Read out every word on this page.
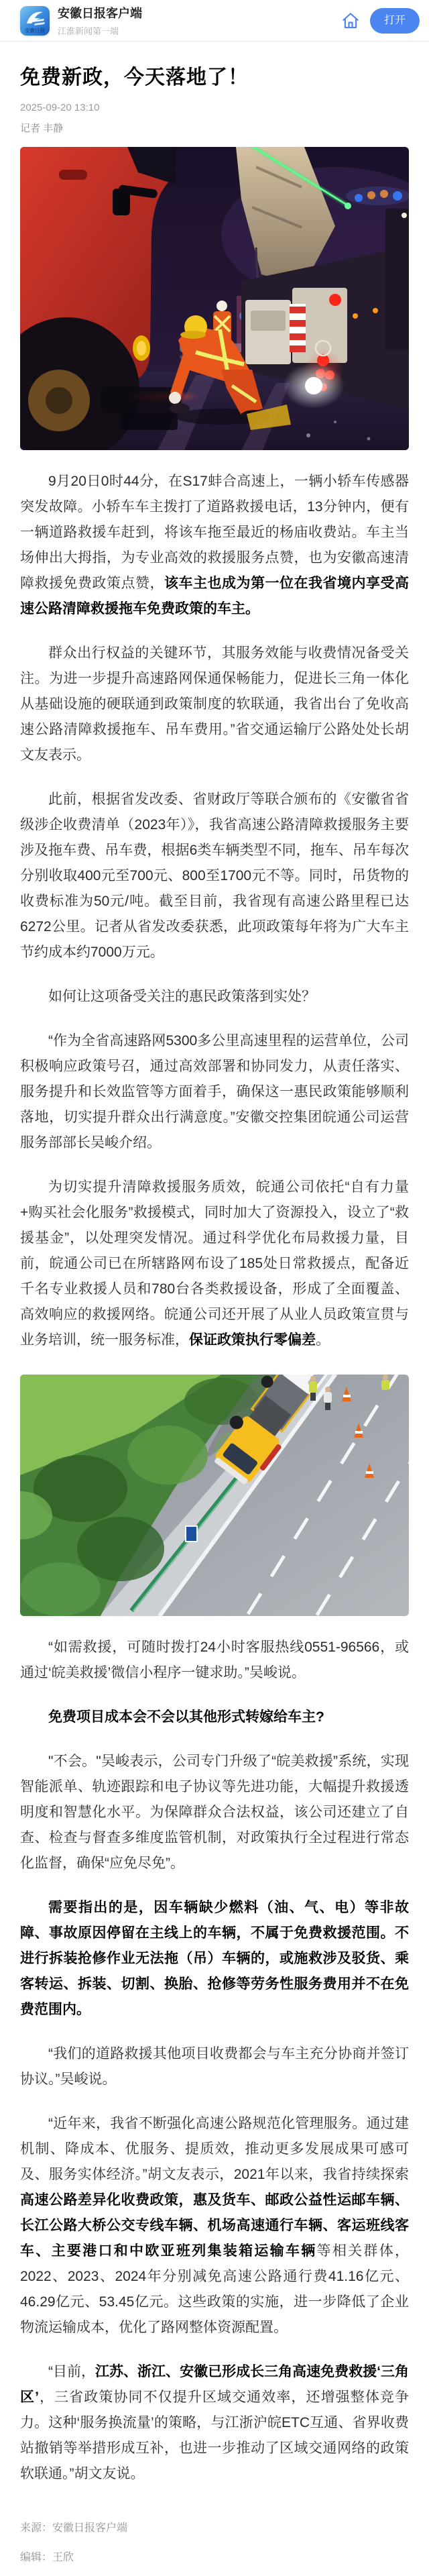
安徽日报
安徽日报客户端
江淮新闻第一端
打开
免费新政，今天落地了！
2025-09-20 13:10
记者 丰静

9月20日0时44分，在S17蚌合高速上，一辆小轿车传感器突发故障。小轿车车主拨打了道路救援电话，13分钟内，便有一辆道路救援车赶到，将该车拖至最近的杨庙收费站。车主当场伸出大拇指，为专业高效的救援服务点赞，也为安徽高速清障救援免费政策点赞，该车主也成为第一位在我省境内享受高速公路清障救援拖车免费政策的车主。

群众出行权益的关键环节，其服务效能与收费情况备受关注。为进一步提升高速路网保通保畅能力，促进长三角一体化从基础设施的硬联通到政策制度的软联通，我省出台了免收高速公路清障救援拖车、吊车费用。”省交通运输厅公路处处长胡文友表示。

此前，根据省发改委、省财政厅等联合颁布的《安徽省省级涉企收费清单（2023年）》，我省高速公路清障救援服务主要涉及拖车费、吊车费，根据6类车辆类型不同，拖车、吊车每次分别收取400元至700元、800至1700元不等。同时，吊货物的收费标准为50元/吨。截至目前，我省现有高速公路里程已达6272公里。记者从省发改委获悉，此项政策每年将为广大车主节约成本约7000万元。

如何让这项备受关注的惠民政策落到实处？

“作为全省高速路网5300多公里高速里程的运营单位，公司积极响应政策号召，通过高效部署和协同发力，从责任落实、服务提升和长效监管等方面着手，确保这一惠民政策能够顺利落地，切实提升群众出行满意度。”安徽交控集团皖通公司运营服务部部长吴峻介绍。

为切实提升清障救援服务质效，皖通公司依托“自有力量+购买社会化服务”救援模式，同时加大了资源投入，设立了“救援基金”，以处理突发情况。通过科学优化布局救援力量，目前，皖通公司已在所辖路网布设了185处日常救援点，配备近千名专业救援人员和780台各类救援设备，形成了全面覆盖、高效响应的救援网络。皖通公司还开展了从业人员政策宣贯与业务培训，统一服务标准，保证政策执行零偏差。

“如需救援，可随时拨打24小时客服热线0551-96566，或通过‘皖美救援’微信小程序一键求助。”吴峻说。

免费项目成本会不会以其他形式转嫁给车主?

"不会。"吴峻表示，公司专门升级了“皖美救援”系统，实现智能派单、轨迹跟踪和电子协议等先进功能，大幅提升救援透明度和智慧化水平。为保障群众合法权益，该公司还建立了自查、检查与督查多维度监管机制，对政策执行全过程进行常态化监督，确保“应免尽免”。

需要指出的是，因车辆缺少燃料（油、气、电）等非故障、事故原因停留在主线上的车辆，不属于免费救援范围。不进行拆装抢修作业无法拖（吊）车辆的，或施救涉及驳货、乘客转运、拆装、切割、换胎、抢修等劳务性服务费用并不在免费范围内。

“我们的道路救援其他项目收费都会与车主充分协商并签订协议。”吴峻说。

“近年来，我省不断强化高速公路规范化管理服务。通过建机制、降成本、优服务、提质效，推动更多发展成果可感可及、服务实体经济。”胡文友表示，2021年以来，我省持续探索高速公路差异化收费政策，惠及货车、邮政公益性运邮车辆、长江公路大桥公交专线车辆、机场高速通行车辆、客运班线客车、主要港口和中欧亚班列集装箱运输车辆等相关群体，2022、2023、2024年分别减免高速公路通行费41.16亿元、46.29亿元、53.45亿元。这些政策的实施，进一步降低了企业物流运输成本，优化了路网整体资源配置。

“目前，江苏、浙江、安徽已形成长三角高速免费救援‘三角区’，三省政策协同不仅提升区域交通效率，还增强整体竞争力。这种‘服务换流量’的策略，与江浙沪皖ETC互通、省界收费站撤销等举措形成互补，也进一步推动了区域交通网络的政策软联通。”胡文友说。

来源：安徽日报客户端
编辑：王欣
